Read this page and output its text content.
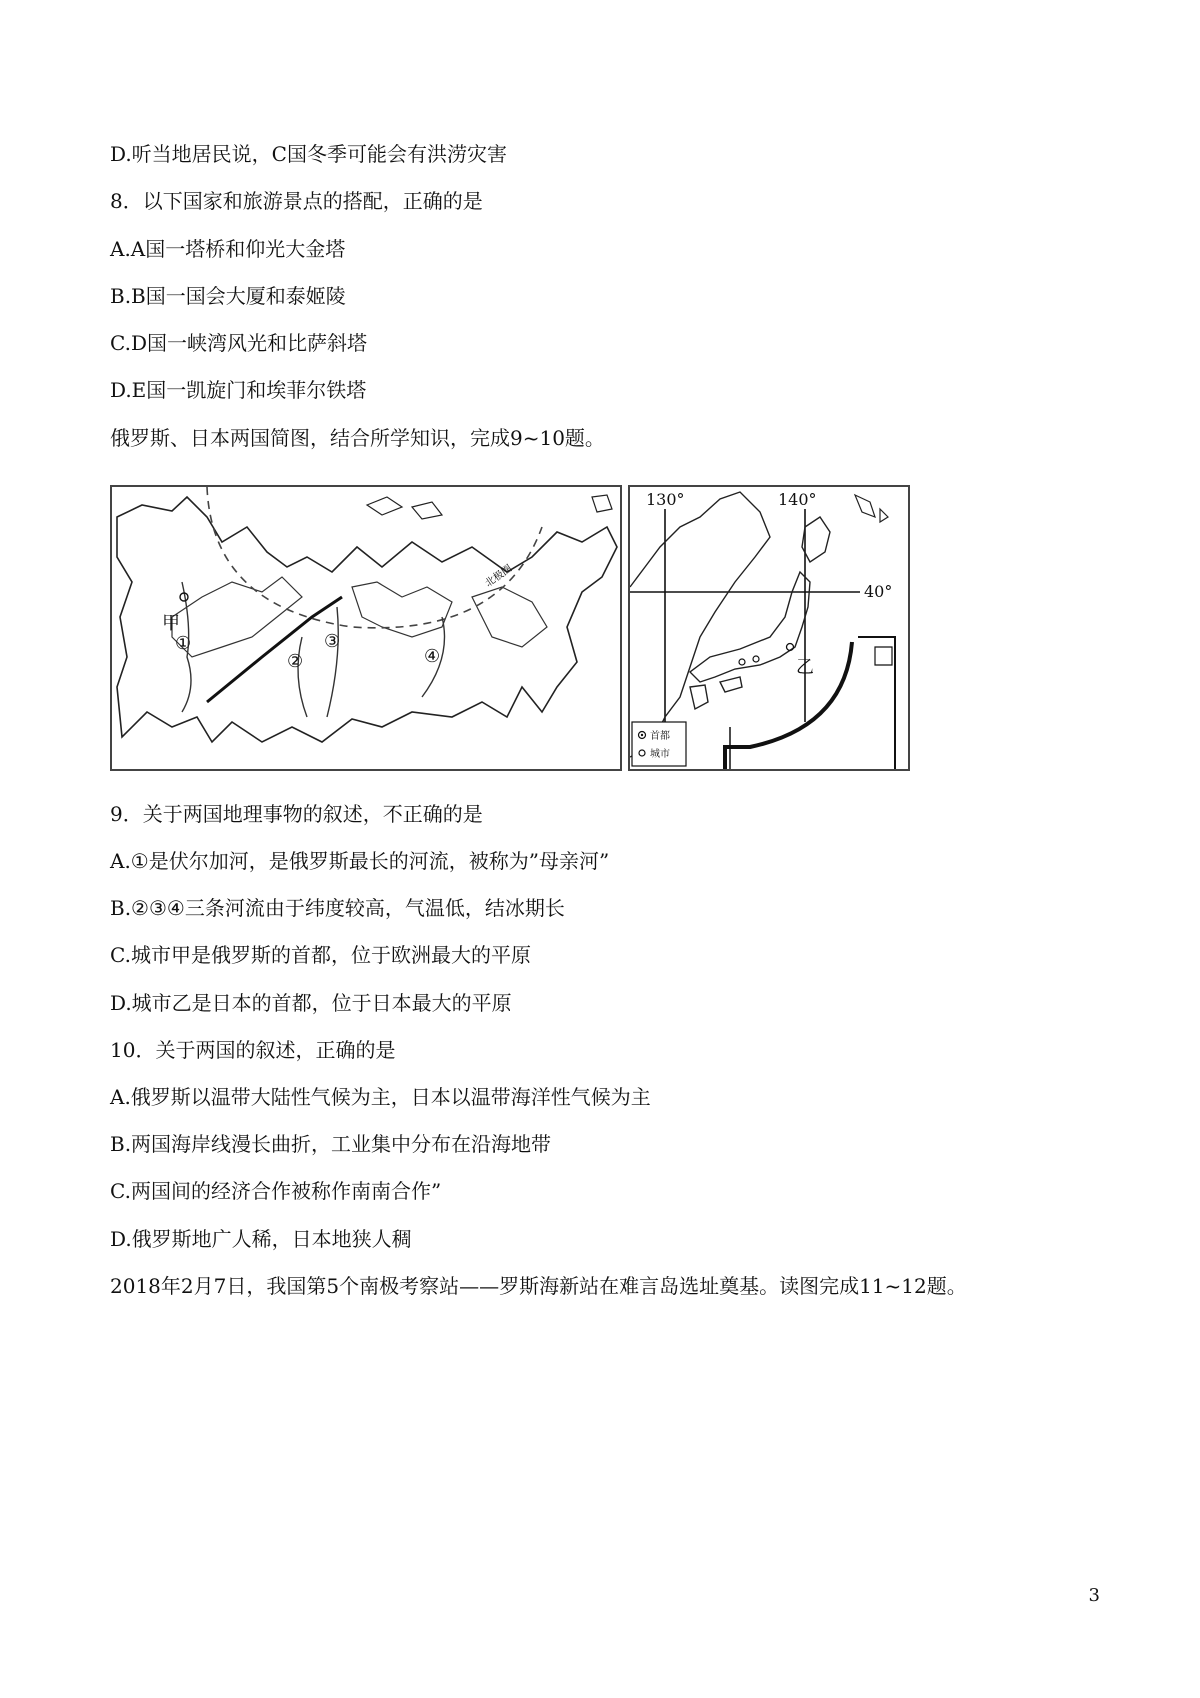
D.听当地居民说，C国冬季可能会有洪涝灾害
8．以下国家和旅游景点的搭配，正确的是
A.A国一塔桥和仰光大金塔
B.B国一国会大厦和泰姬陵
C.D国一峡湾风光和比萨斜塔
D.E国一凯旋门和埃菲尔铁塔
俄罗斯、日本两国简图，结合所学知识，完成9~10题。
北极圈
甲
①
②
③
④
130°	140°
40°
乙
首都
城市
9．关于两国地理事物的叙述，不正确的是
A.①是伏尔加河，是俄罗斯最长的河流，被称为”母亲河”
B.②③④三条河流由于纬度较高，气温低，结冰期长
C.城市甲是俄罗斯的首都，位于欧洲最大的平原
D.城市乙是日本的首都，位于日本最大的平原
10．关于两国的叙述，正确的是
A.俄罗斯以温带大陆性气候为主，日本以温带海洋性气候为主
B.两国海岸线漫长曲折，工业集中分布在沿海地带
C.两国间的经济合作被称作南南合作”
D.俄罗斯地广人稀，日本地狭人稠
2018年2月7日，我国第5个南极考察站——罗斯海新站在难言岛选址奠基。读图完成11~12题。
3
